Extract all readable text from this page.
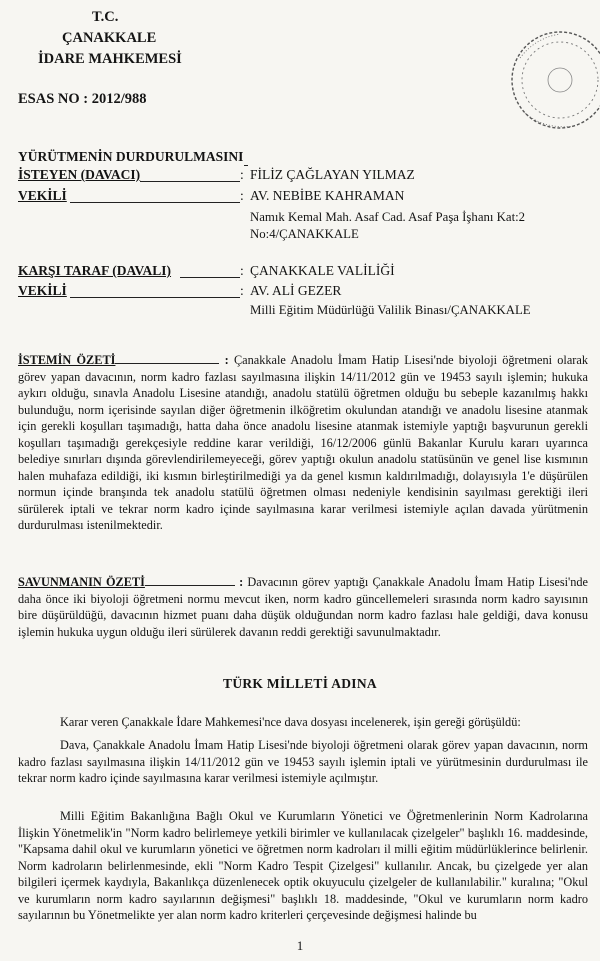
T.C.
ÇANAKKALE
İDARE MAHKEMESİ
ESAS NO : 2012/988
YÜRÜTMENİN DURDURULMASINI
İSTEYEN (DAVACI)	: FİLİZ ÇAĞLAYAN YILMAZ
VEKİLİ	: AV. NEBİBE KAHRAMAN
Namık Kemal Mah. Asaf Cad. Asaf Paşa İşhanı Kat:2
No:4/ÇANAKKALE
KARŞI TARAF (DAVALI)	: ÇANAKKALE VALİLİĞİ
VEKİLİ	: AV. ALİ GEZER
Milli Eğitim Müdürlüğü Valilik Binası/ÇANAKKALE
İSTEMİN ÖZETİ	: Çanakkale Anadolu İmam Hatip Lisesi'nde biyoloji öğretmeni olarak görev yapan davacının, norm kadro fazlası sayılmasına ilişkin 14/11/2012 gün ve 19453 sayılı işlemin; hukuka aykırı olduğu, sınavla Anadolu Lisesine atandığı, anadolu statülü öğretmen olduğu bu sebeple kazanılmış hakkı bulunduğu, norm içerisinde sayılan diğer öğretmenin ilköğretim okulundan atandığı ve anadolu lisesine atanmak için gerekli koşulları taşımadığı, hatta daha önce anadolu lisesine atanmak istemiyle yaptığı başvurunun gerekli koşulları taşımadığı gerekçesiyle reddine karar verildiği, 16/12/2006 günlü Bakanlar Kurulu kararı uyarınca belediye sınırları dışında görevlendirilemeyeceği, görev yaptığı okulun anadolu statüsünün ve genel lise kısmının halen muhafaza edildiği, iki kısmın birleştirilmediği ya da genel kısmın kaldırılmadığı, dolayısıyla 1'e düşürülen normun içinde branşında tek anadolu statülü öğretmen olması nedeniyle kendisinin sayılması gerektiği ileri sürülerek iptali ve tekrar norm kadro içinde sayılmasına karar verilmesi istemiyle açılan davada yürütmenin durdurulması istenilmektedir.
SAVUNMANIN ÖZETİ	: Davacının görev yaptığı Çanakkale Anadolu İmam Hatip Lisesi'nde daha önce iki biyoloji öğretmeni normu mevcut iken, norm kadro güncellemeleri sırasında norm kadro sayısının bire düşürüldüğü, davacının hizmet puanı daha düşük olduğundan norm kadro fazlası hale geldiği, dava konusu işlemin hukuka uygun olduğu ileri sürülerek davanın reddi gerektiği savunulmaktadır.
TÜRK MİLLETİ ADINA
Karar veren Çanakkale İdare Mahkemesi'nce dava dosyası incelenerek, işin gereği görüşüldü:
Dava, Çanakkale Anadolu İmam Hatip Lisesi'nde biyoloji öğretmeni olarak görev yapan davacının, norm kadro fazlası sayılmasına ilişkin 14/11/2012 gün ve 19453 sayılı işlemin iptali ve yürütmesinin durdurulması ile tekrar norm kadro içinde sayılmasına karar verilmesi istemiyle açılmıştır.
Milli Eğitim Bakanlığına Bağlı Okul ve Kurumların Yönetici ve Öğretmenlerinin Norm Kadrolarına İlişkin Yönetmelik'in "Norm kadro belirlemeye yetkili birimler ve kullanılacak çizelgeler" başlıklı 16. maddesinde, "Kapsama dahil okul ve kurumların yönetici ve öğretmen norm kadroları il milli eğitim müdürlüklerince belirlenir. Norm kadroların belirlenmesinde, ekli "Norm Kadro Tespit Çizelgesi" kullanılır. Ancak, bu çizelgede yer alan bilgileri içermek kaydıyla, Bakanlıkça düzenlenecek optik okuyuculu çizelgeler de kullanılabilir." kuralına; "Okul ve kurumların norm kadro sayılarının değişmesi" başlıklı 18. maddesinde, "Okul ve kurumların norm kadro sayılarının bu Yönetmelikte yer alan norm kadro kriterleri çerçevesinde değişmesi halinde bu
1
